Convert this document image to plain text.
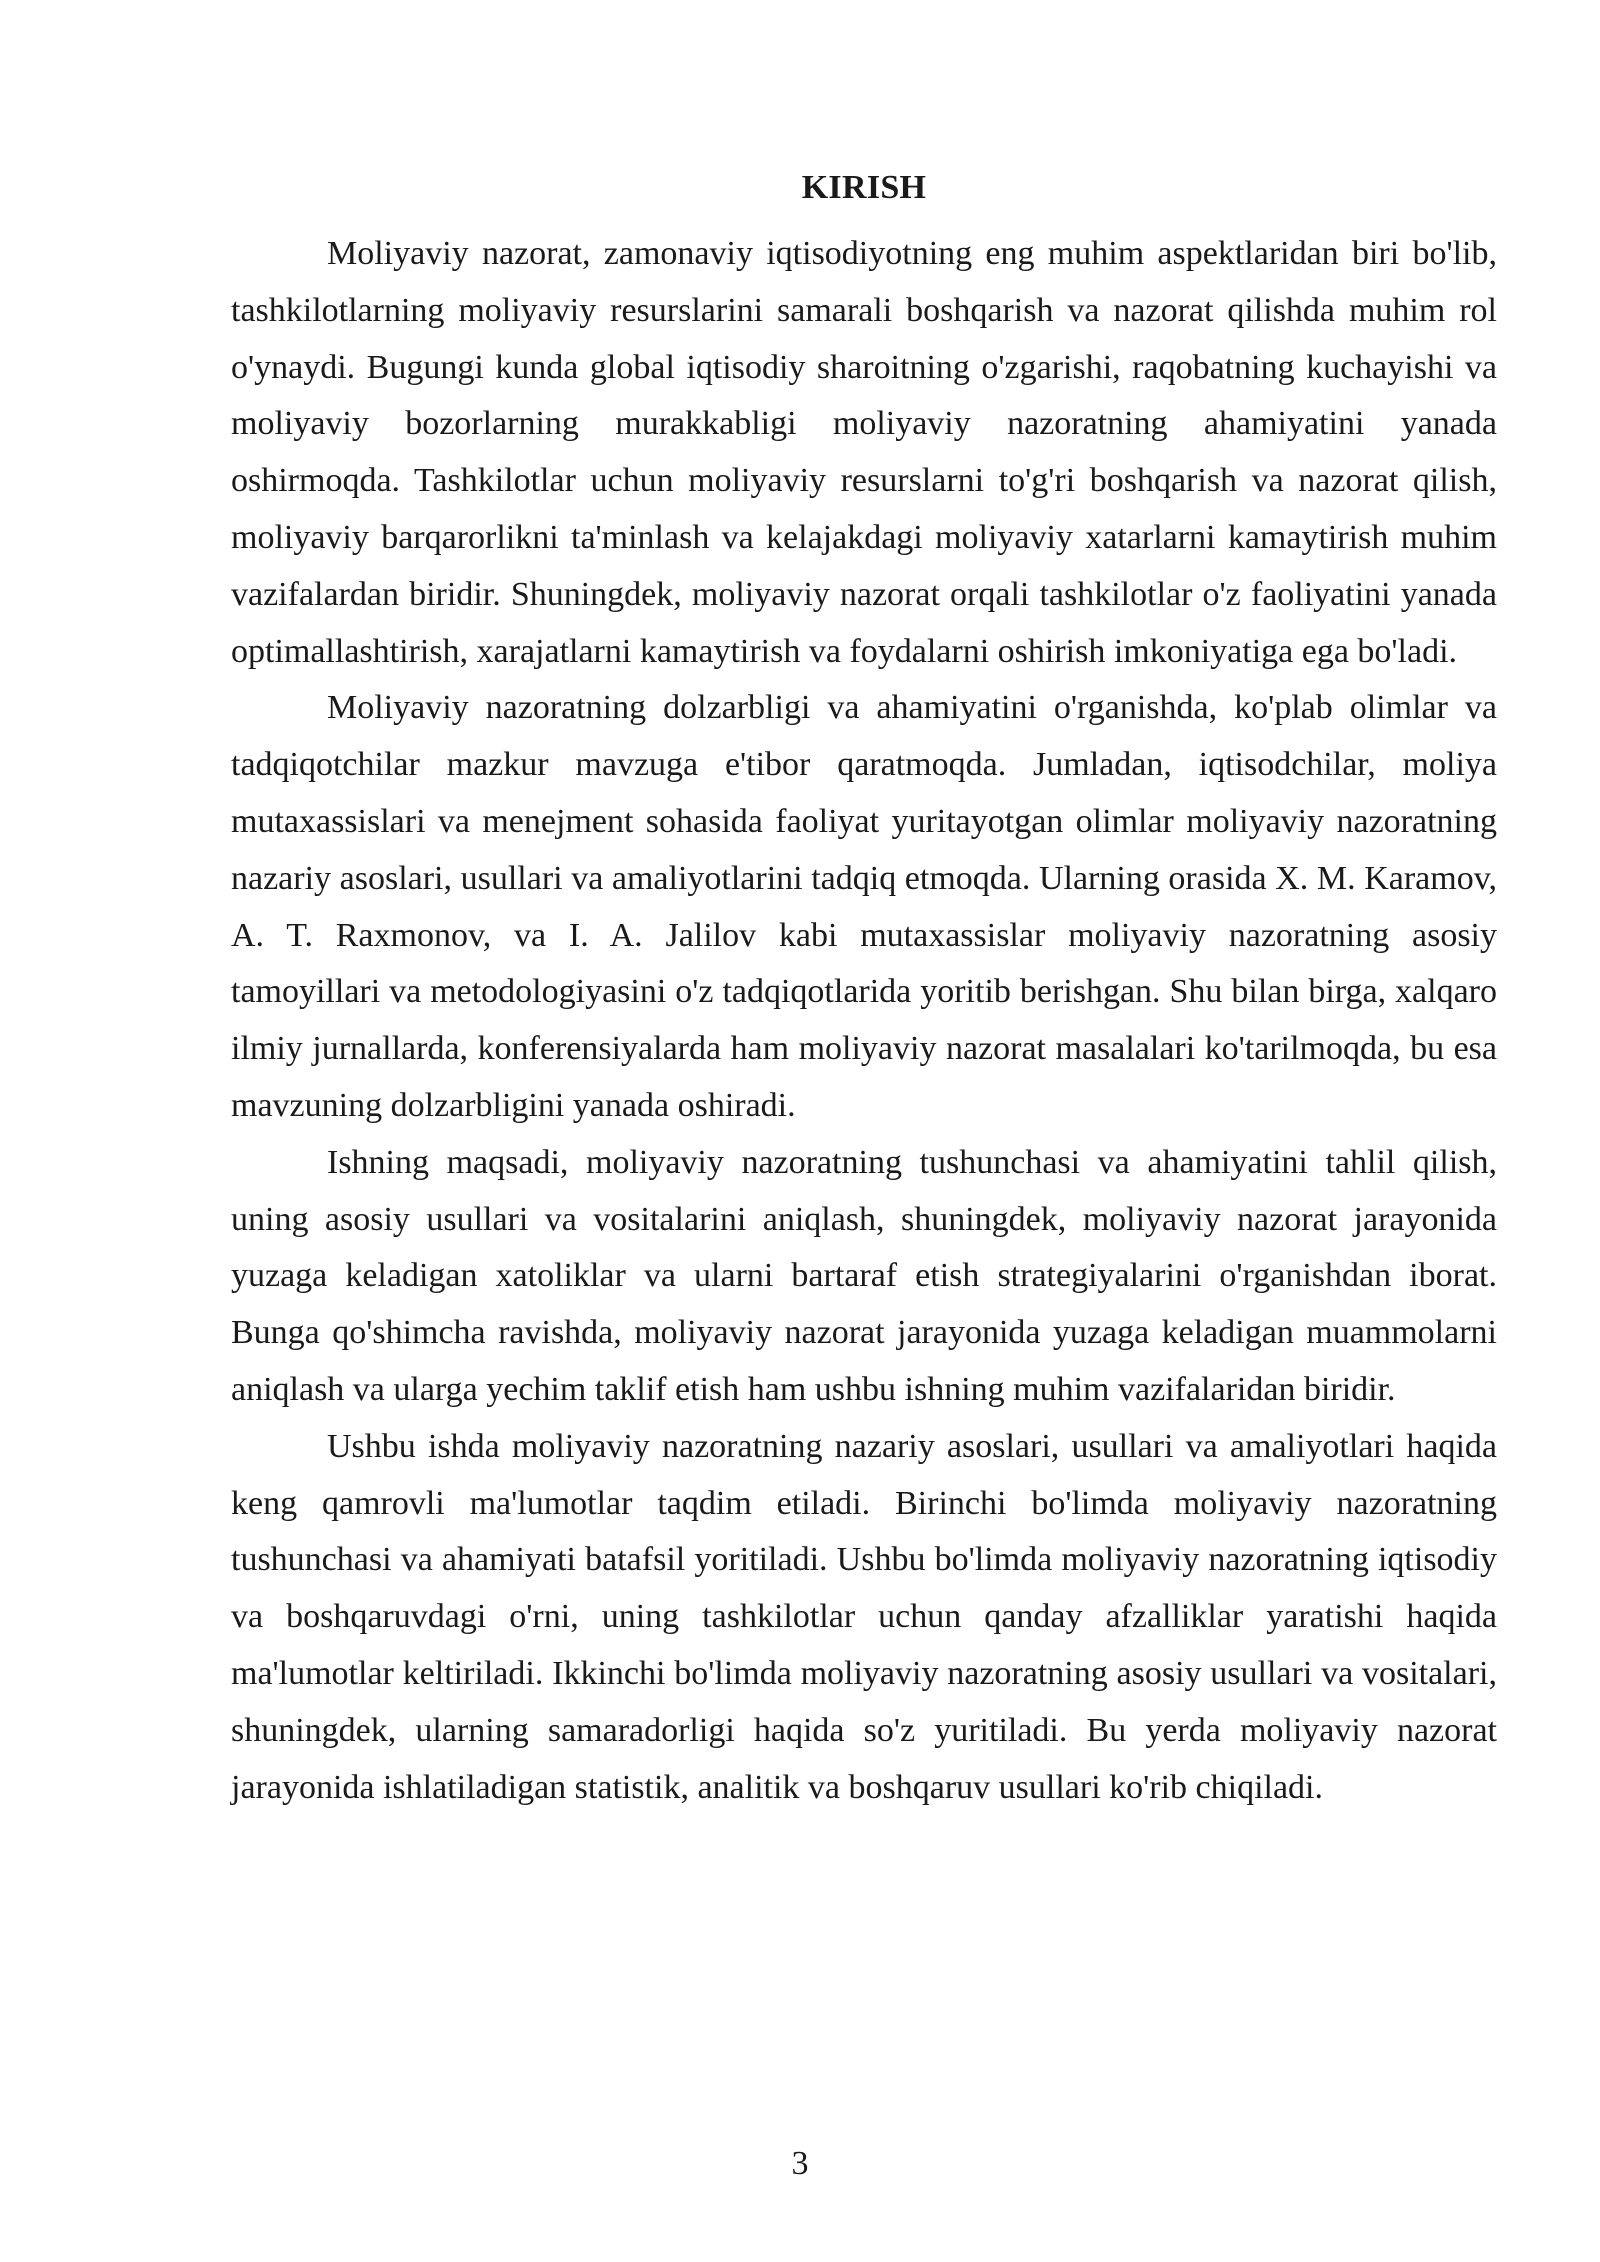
KIRISH

Moliyaviy nazorat, zamonaviy iqtisodiyotning eng muhim aspektlaridan biri bo'lib, tashkilotlarning moliyaviy resurslarini samarali boshqarish va nazorat qilishda muhim rol o'ynaydi. Bugungi kunda global iqtisodiy sharoitning o'zgarishi, raqobatning kuchayishi va moliyaviy bozorlarning murakkabligi moliyaviy nazoratning ahamiyatini yanada oshirmoqda. Tashkilotlar uchun moliyaviy resurslarni to'g'ri boshqarish va nazorat qilish, moliyaviy barqarorlikni ta'minlash va kelajakdagi moliyaviy xatarlarni kamaytirish muhim vazifalardan biridir. Shuningdek, moliyaviy nazorat orqali tashkilotlar o'z faoliyatini yanada optimallashtirish, xarajatlarni kamaytirish va foydalarni oshirish imkoniyatiga ega bo'ladi.

Moliyaviy nazoratning dolzarbligi va ahamiyatini o'rganishda, ko'plab olimlar va tadqiqotchilar mazkur mavzuga e'tibor qaratmoqda. Jumladan, iqtisodchilar, moliya mutaxassislari va menejment sohasida faoliyat yuritayotgan olimlar moliyaviy nazoratning nazariy asoslari, usullari va amaliyotlarini tadqiq etmoqda. Ularning orasida X. M. Karamov, A. T. Raxmonov, va I. A. Jalilov kabi mutaxassislar moliyaviy nazoratning asosiy tamoyillari va metodologiyasini o'z tadqiqotlarida yoritib berishgan. Shu bilan birga, xalqaro ilmiy jurnallarda, konferensiyalarda ham moliyaviy nazorat masalalari ko'tarilmoqda, bu esa mavzuning dolzarbligini yanada oshiradi.

Ishning maqsadi, moliyaviy nazoratning tushunchasi va ahamiyatini tahlil qilish, uning asosiy usullari va vositalarini aniqlash, shuningdek, moliyaviy nazorat jarayonida yuzaga keladigan xatoliklar va ularni bartaraf etish strategiyalarini o'rganishdan iborat. Bunga qo'shimcha ravishda, moliyaviy nazorat jarayonida yuzaga keladigan muammolarni aniqlash va ularga yechim taklif etish ham ushbu ishning muhim vazifalaridan biridir.

Ushbu ishda moliyaviy nazoratning nazariy asoslari, usullari va amaliyotlari haqida keng qamrovli ma'lumotlar taqdim etiladi. Birinchi bo'limda moliyaviy nazoratning tushunchasi va ahamiyati batafsil yoritiladi. Ushbu bo'limda moliyaviy nazoratning iqtisodiy va boshqaruvdagi o'rni, uning tashkilotlar uchun qanday afzalliklar yaratishi haqida ma'lumotlar keltiriladi. Ikkinchi bo'limda moliyaviy nazoratning asosiy usullari va vositalari, shuningdek, ularning samaradorligi haqida so'z yuritiladi. Bu yerda moliyaviy nazorat jarayonida ishlatiladigan statistik, analitik va boshqaruv usullari ko'rib chiqiladi.

3
